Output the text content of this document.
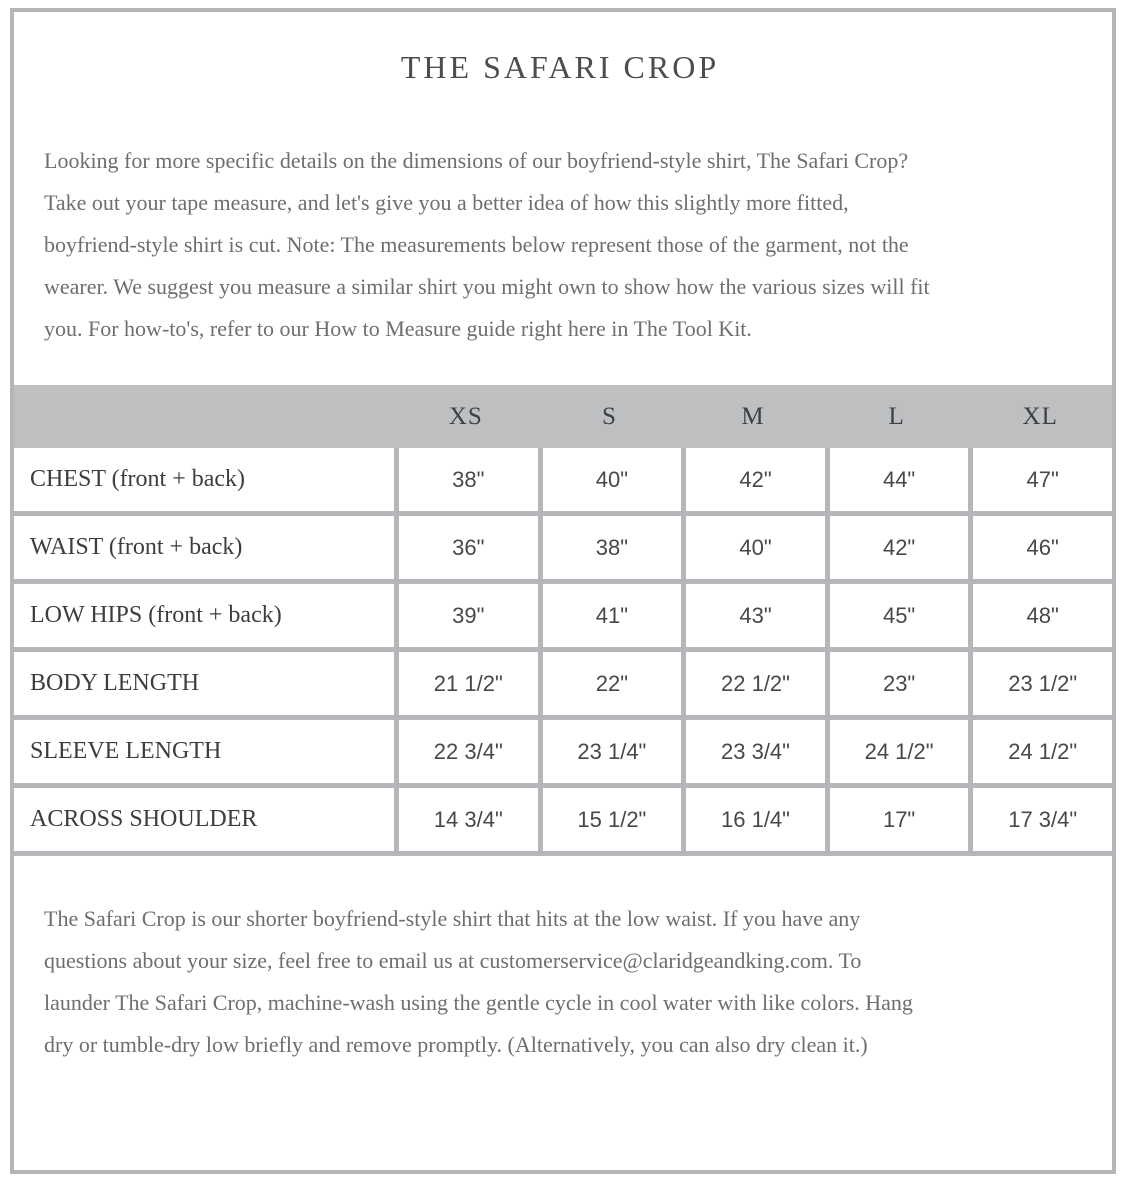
THE SAFARI CROP
Looking for more specific details on the dimensions of our boyfriend-style shirt, The Safari Crop?
Take out your tape measure, and let's give you a better idea of how this slightly more fitted,
boyfriend-style shirt is cut. Note: The measurements below represent those of the garment, not the
wearer. We suggest you measure a similar shirt you might own to show how the various sizes will fit
you. For how-to's, refer to our How to Measure guide right here in The Tool Kit.
XS	S	M	L	XL
CHEST (front + back)	38"	40"	42"	44"	47"
WAIST (front + back)	36"	38"	40"	42"	46"
LOW HIPS (front + back)	39"	41"	43"	45"	48"
BODY LENGTH	21 1/2"	22"	22 1/2"	23"	23 1/2"
SLEEVE LENGTH	22 3/4"	23 1/4"	23 3/4"	24 1/2"	24 1/2"
ACROSS SHOULDER	14 3/4"	15 1/2"	16 1/4"	17"	17 3/4"
The Safari Crop is our shorter boyfriend-style shirt that hits at the low waist. If you have any
questions about your size, feel free to email us at customerservice@claridgeandking.com. To
launder The Safari Crop, machine-wash using the gentle cycle in cool water with like colors. Hang
dry or tumble-dry low briefly and remove promptly. (Alternatively, you can also dry clean it.)
